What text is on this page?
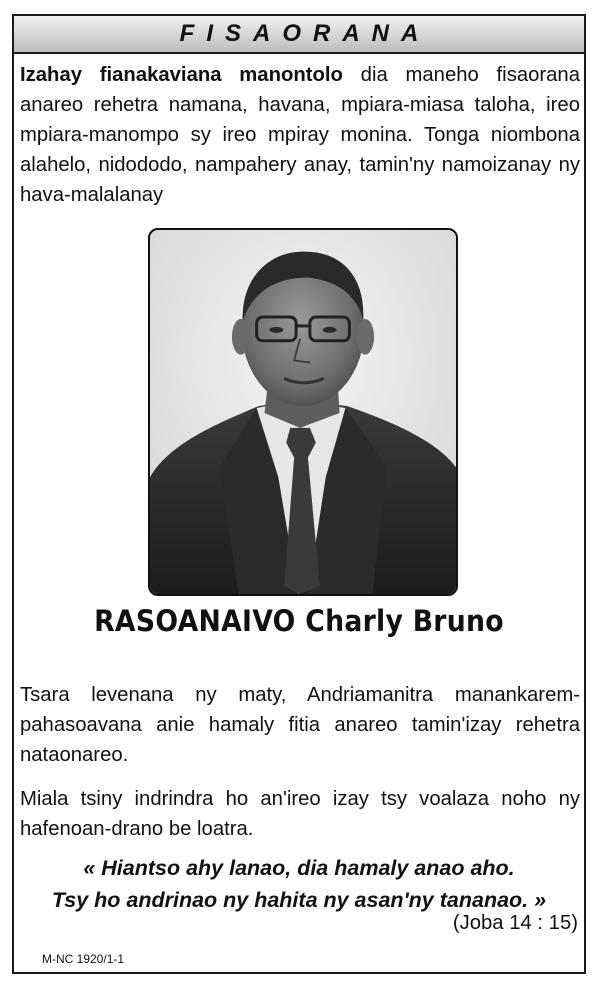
FISAORANA
Izahay fianakaviana manontolo dia maneho fisaorana anareo rehetra namana, havana, mpiara-miasa taloha, ireo mpiara-manompo sy ireo mpiray monina. Tonga niombona alahelo, nidododo, nampahery anay, tamin'ny namoizanay ny hava-malalanay
RASOANAIVO Charly Bruno
Tsara levenana ny maty, Andriamanitra manankarem-pahasoavana anie hamaly fitia anareo tamin'izay rehetra nataonareo.
Miala tsiny indrindra ho an'ireo izay tsy voalaza noho ny hafenoan-drano be loatra.
« Hiantso ahy lanao, dia hamaly anao aho.
Tsy ho andrinao ny hahita ny asan'ny tananao. »
(Joba 14 : 15)
M-NC 1920/1-1
